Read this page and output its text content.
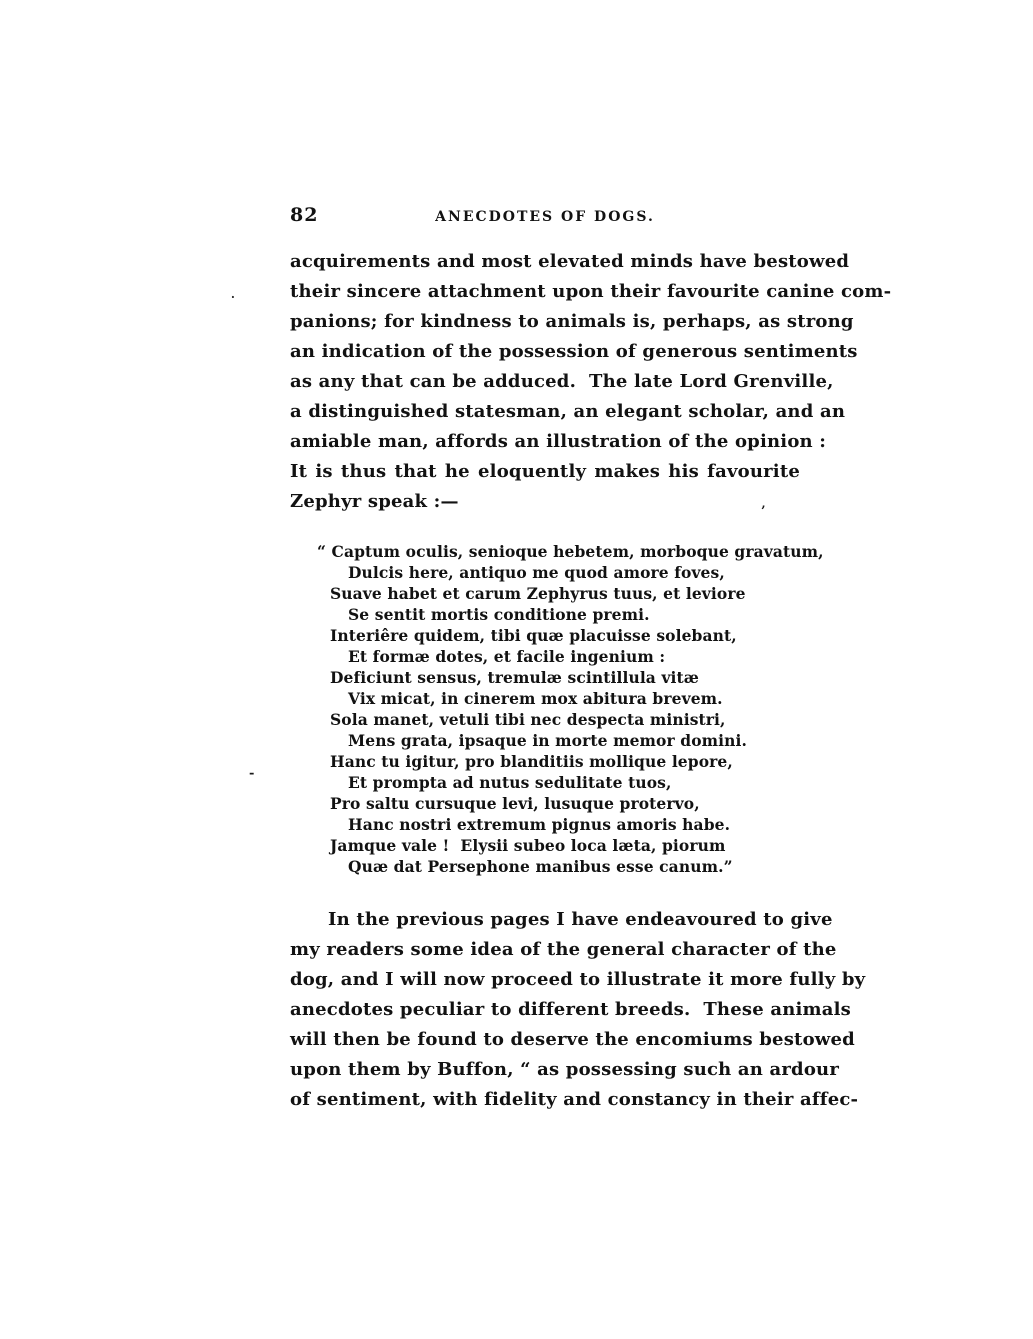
82	ANECDOTES OF DOGS.
acquirements and most elevated minds have bestowed
their sincere attachment upon their favourite canine com-
panions; for kindness to animals is, perhaps, as strong
an indication of the possession of generous sentiments
as any that can be adduced.  The late Lord Grenville,
a distinguished statesman, an elegant scholar, and an
amiable man, affords an illustration of the opinion :
It is thus that he eloquently makes his favourite
Zephyr speak :—
“ Captum oculis, senioque hebetem, morboque gravatum,
Dulcis here, antiquo me quod amore foves,
Suave habet et carum Zephyrus tuus, et leviore
Se sentit mortis conditione premi.
Interiêre quidem, tibi quæ placuisse solebant,
Et formæ dotes, et facile ingenium :
Deficiunt sensus, tremulæ scintillula vitæ
Vix micat, in cinerem mox abitura brevem.
Sola manet, vetuli tibi nec despecta ministri,
Mens grata, ipsaque in morte memor domini.
Hanc tu igitur, pro blanditiis mollique lepore,
Et prompta ad nutus sedulitate tuos,
Pro saltu cursuque levi, lusuque protervo,
Hanc nostri extremum pignus amoris habe.
Jamque vale !  Elysii subeo loca læta, piorum
Quæ dat Persephone manibus esse canum.”
In the previous pages I have endeavoured to give
my readers some idea of the general character of the
dog, and I will now proceed to illustrate it more fully by
anecdotes peculiar to different breeds.  These animals
will then be found to deserve the encomiums bestowed
upon them by Buffon, “ as possessing such an ardour
of sentiment, with fidelity and constancy in their affec-
’
.
-
